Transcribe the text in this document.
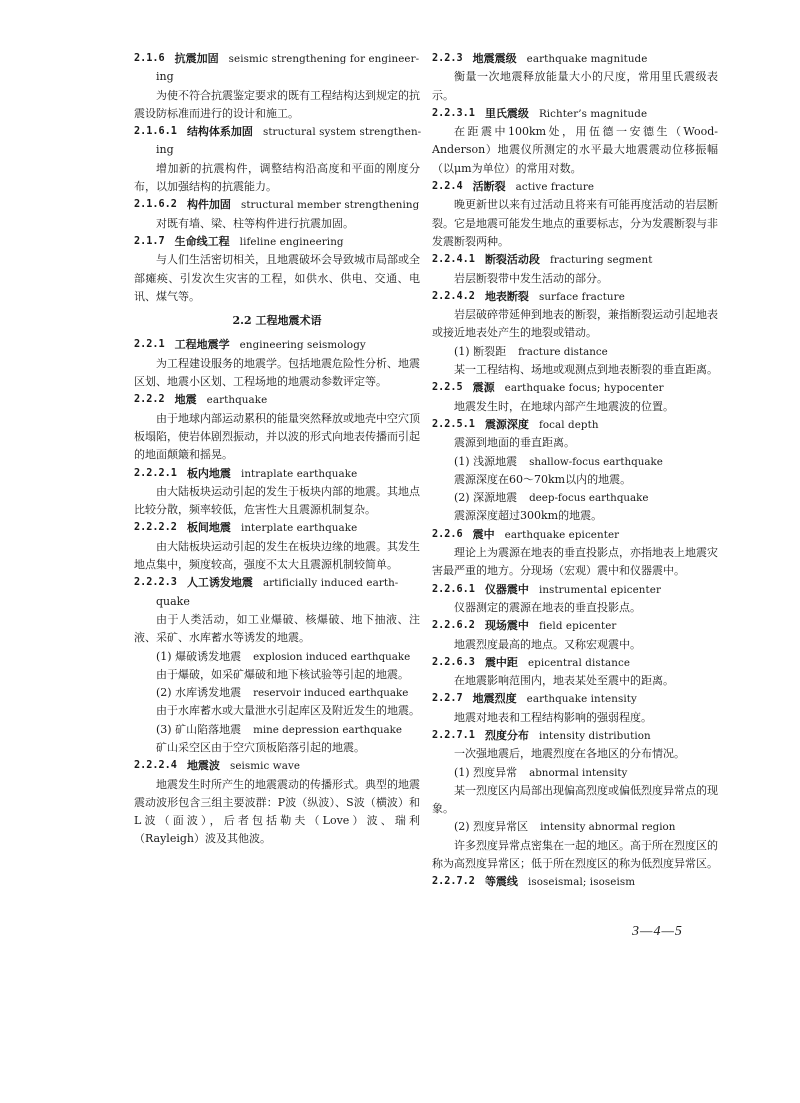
2.1.6 抗震加固 seismic strengthening for engineer-

ing

为使不符合抗震鉴定要求的既有工程结构达到规定的抗震设防标准而进行的设计和施工。

2.1.6.1 结构体系加固 structural system strengthen-

ing

增加新的抗震构件，调整结构沿高度和平面的刚度分布，以加强结构的抗震能力。

2.1.6.2 构件加固 structural member strengthening

对既有墙、梁、柱等构件进行抗震加固。

2.1.7 生命线工程 lifeline engineering

与人们生活密切相关，且地震破坏会导致城市局部或全部瘫痪、引发次生灾害的工程，如供水、供电、交通、电讯、煤气等。

2.2 工程地震术语
2.2.1 工程地震学 engineering seismology

为工程建设服务的地震学。包括地震危险性分析、地震区划、地震小区划、工程场地的地震动参数评定等。

2.2.2 地震 earthquake

由于地球内部运动累积的能量突然释放或地壳中空穴顶板塌陷，使岩体剧烈振动，并以波的形式向地表传播而引起的地面颠簸和摇晃。

2.2.2.1 板内地震 intraplate earthquake

由大陆板块运动引起的发生于板块内部的地震。其地点比较分散，频率较低，危害性大且震源机制复杂。

2.2.2.2 板间地震 interplate earthquake

由大陆板块运动引起的发生在板块边缘的地震。其发生地点集中，频度较高，强度不太大且震源机制较简单。

2.2.2.3 人工诱发地震 artificially induced earth-

quake

由于人类活动，如工业爆破、核爆破、地下抽液、注液、采矿、水库蓄水等诱发的地震。

(1) 爆破诱发地震 explosion induced earthquake

由于爆破，如采矿爆破和地下核试验等引起的地震。

(2) 水库诱发地震 reservoir induced earthquake

由于水库蓄水或大量泄水引起库区及附近发生的地震。

(3) 矿山陷落地震 mine depression earthquake

矿山采空区由于空穴顶板陷落引起的地震。

2.2.2.4 地震波 seismic wave

地震发生时所产生的地震震动的传播形式。典型的地震震动波形包含三组主要波群：P波（纵波）、S波（横波）和L波（面波），后者包括勒夫（Love）波、瑞利（Rayleigh）波及其他波。

2.2.3 地震震级 earthquake magnitude

衡量一次地震释放能量大小的尺度，常用里氏震级表示。

2.2.3.1 里氏震级 Richter’s magnitude

在距震中100km处，用伍德一安德生（Wood-Anderson）地震仪所测定的水平最大地震震动位移振幅（以μm为单位）的常用对数。

2.2.4 活断裂 active fracture

晚更新世以来有过活动且将来有可能再度活动的岩层断裂。它是地震可能发生地点的重要标志，分为发震断裂与非发震断裂两种。

2.2.4.1 断裂活动段 fracturing segment

岩层断裂带中发生活动的部分。

2.2.4.2 地表断裂 surface fracture

岩层破碎带延伸到地表的断裂，兼指断裂运动引起地表或接近地表处产生的地裂或错动。

(1) 断裂距 fracture distance

某一工程结构、场地或观测点到地表断裂的垂直距离。

2.2.5 震源 earthquake focus; hypocenter

地震发生时，在地球内部产生地震波的位置。

2.2.5.1 震源深度 focal depth

震源到地面的垂直距离。

(1) 浅源地震 shallow-focus earthquake

震源深度在60～70km以内的地震。

(2) 深源地震 deep-focus earthquake

震源深度超过300km的地震。

2.2.6 震中 earthquake epicenter

理论上为震源在地表的垂直投影点，亦指地表上地震灾害最严重的地方。分现场（宏观）震中和仪器震中。

2.2.6.1 仪器震中 instrumental epicenter

仪器测定的震源在地表的垂直投影点。

2.2.6.2 现场震中 field epicenter

地震烈度最高的地点。又称宏观震中。

2.2.6.3 震中距 epicentral distance

在地震影响范围内，地表某处至震中的距离。

2.2.7 地震烈度 earthquake intensity

地震对地表和工程结构影响的强弱程度。

2.2.7.1 烈度分布 intensity distribution

一次强地震后，地震烈度在各地区的分布情况。

(1) 烈度异常 abnormal intensity

某一烈度区内局部出现偏高烈度或偏低烈度异常点的现象。

(2) 烈度异常区 intensity abnormal region

许多烈度异常点密集在一起的地区。高于所在烈度区的称为高烈度异常区；低于所在烈度区的称为低烈度异常区。

2.2.7.2 等震线 isoseismal; isoseism
3—4—5
